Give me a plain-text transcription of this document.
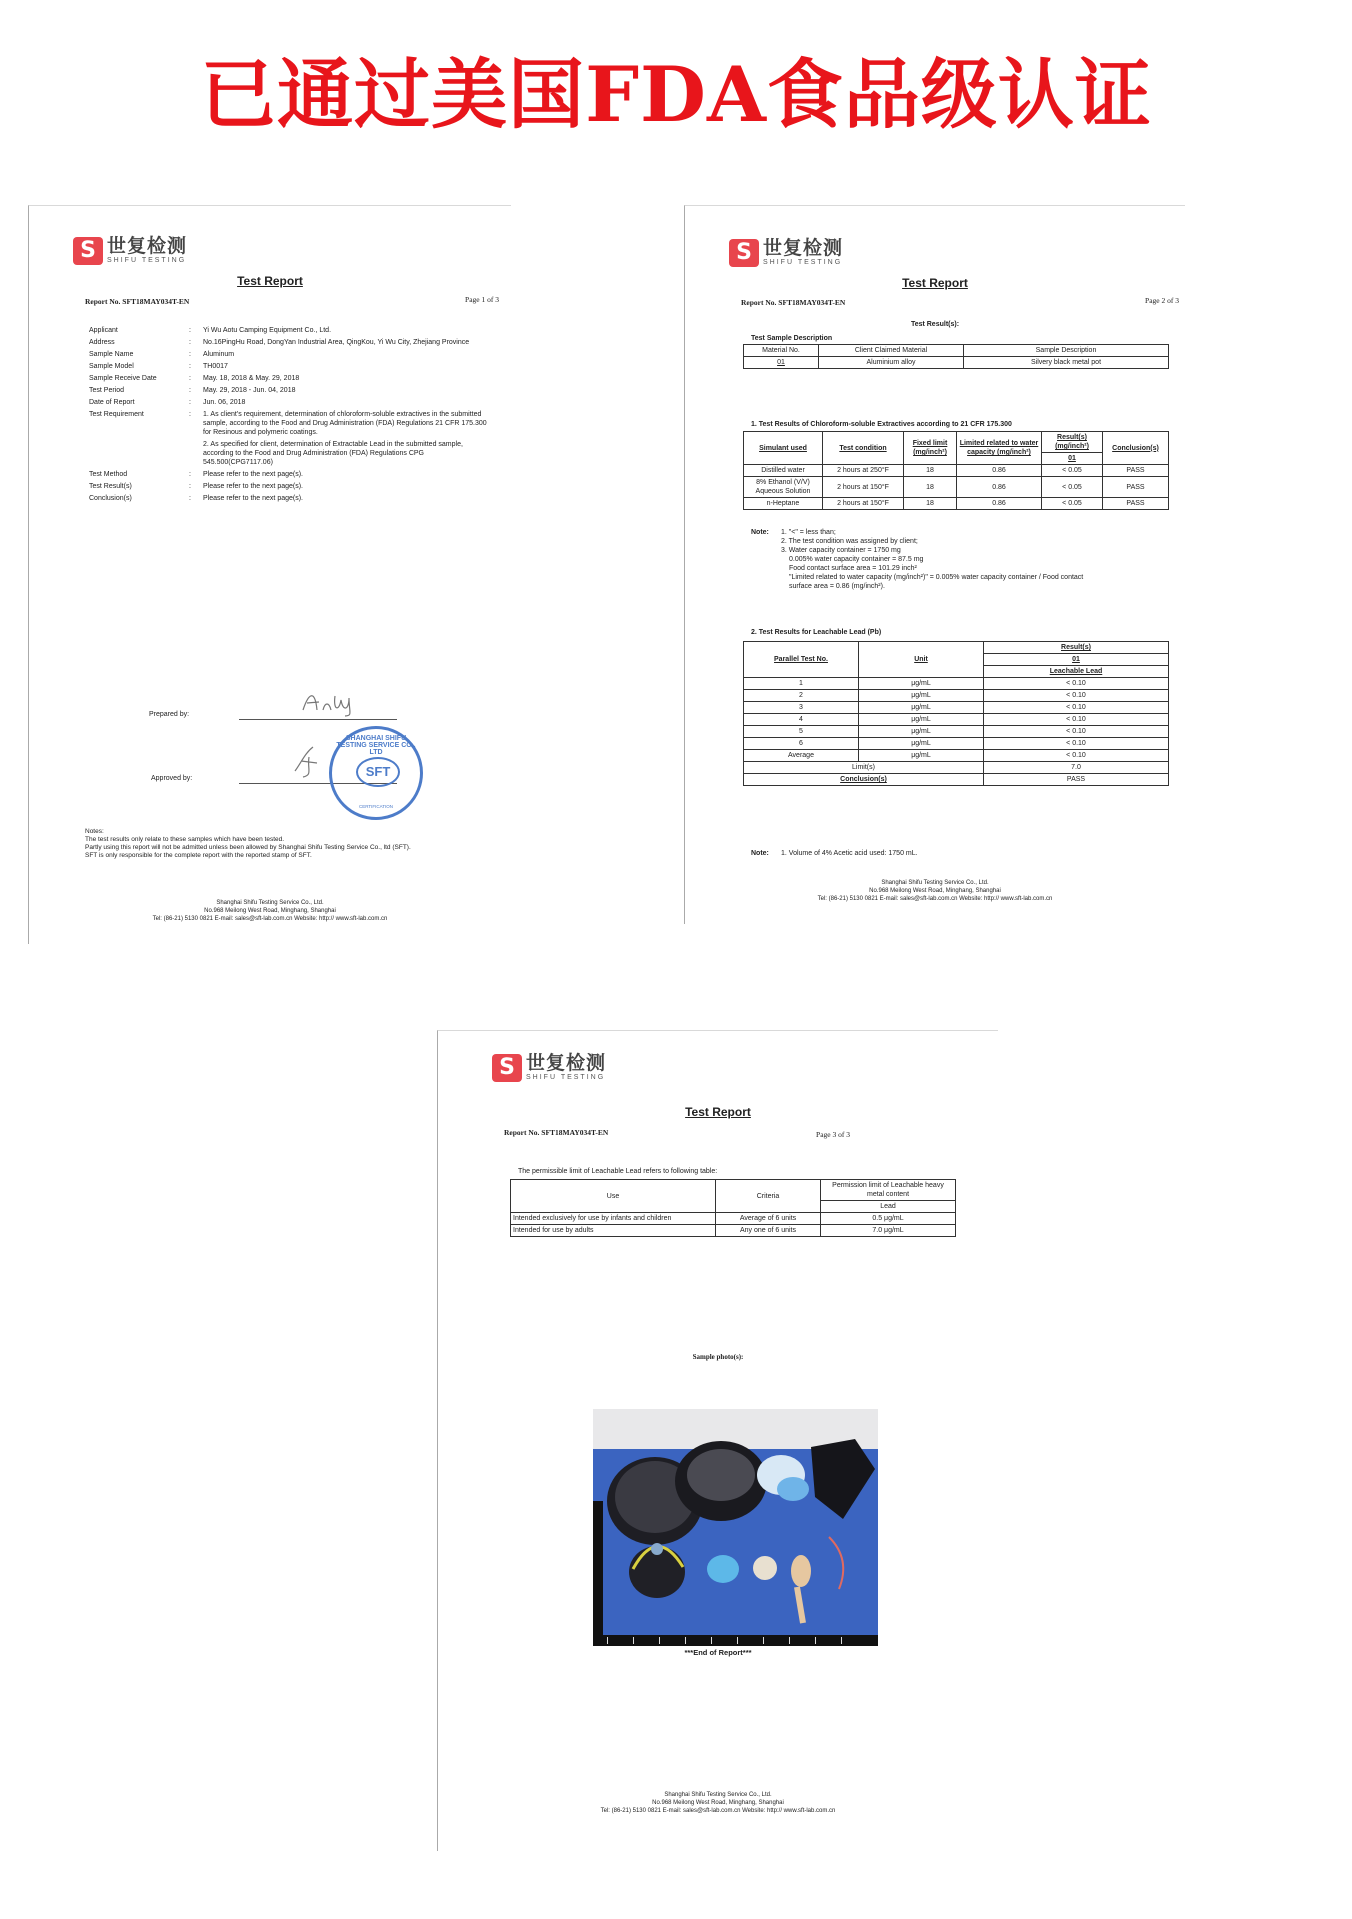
已通过美国FDA食品级认证
S 世复检测
SHIFU TESTING
Test Report
Report No. SFT18MAY034T-EN	Page 1 of 3
Applicant	:	Yi Wu Aotu Camping Equipment Co., Ltd.
Address	:	No.16PingHu Road, DongYan Industrial Area, QingKou, Yi Wu City, Zhejiang Province
Sample Name	:	Aluminum
Sample Model	:	TH0017
Sample Receive Date	:	May. 18, 2018 & May. 29, 2018
Test Period	:	May. 29, 2018 - Jun. 04, 2018
Date of Report	:	Jun. 06, 2018
Test Requirement	:	1. As client's requirement, determination of chloroform-soluble extractives in the submitted sample, according to the Food and Drug Administration (FDA) Regulations 21 CFR 175.300 for Resinous and polymeric coatings.
		2. As specified for client, determination of Extractable Lead in the submitted sample, according to the Food and Drug Administration (FDA) Regulations CPG 545.500(CPG7117.06)
Test Method	:	Please refer to the next page(s).
Test Result(s)	:	Please refer to the next page(s).
Conclusion(s)	:	Please refer to the next page(s).
Prepared by:
Approved by:
SHANGHAI SHIFU TESTING SERVICE CO., LTD
SFT
CERTIFICATION
Notes:
The test results only relate to these samples which have been tested.
Partly using this report will not be admitted unless been allowed by Shanghai Shifu Testing Service Co., ltd (SFT).
SFT is only responsible for the complete report with the reported stamp of SFT.
Shanghai Shifu Testing Service Co., Ltd.
No.968 Meilong West Road, Minghang, Shanghai
Tel: (86-21) 5130 0821 E-mail: sales@sft-lab.com.cn Website: http:// www.sft-lab.com.cn
S 世复检测
SHIFU TESTING
Test Report
Report No. SFT18MAY034T-EN	Page 2 of 3
Test Result(s):
Test Sample Description
Material No.	Client Claimed Material	Sample Description
01	Aluminium alloy	Silvery black metal pot
1. Test Results of Chloroform-soluble Extractives according to 21 CFR 175.300
Simulant used	Test condition	Fixed limit (mg/inch²)	Limited related to water capacity (mg/inch²)	Result(s) (mg/inch²)	Conclusion(s)
				01	
Distilled water	2 hours at 250°F	18	0.86	< 0.05	PASS
8% Ethanol (V/V) Aqueous Solution	2 hours at 150°F	18	0.86	< 0.05	PASS
n-Heptane	2 hours at 150°F	18	0.86	< 0.05	PASS
Note:	1. "<" = less than;
2. The test condition was assigned by client;
3. Water capacity container = 1750 mg
0.005% water capacity container = 87.5 mg
Food contact surface area = 101.29 inch²
"Limited related to water capacity (mg/inch²)" = 0.005% water capacity container / Food contact
surface area = 0.86 (mg/inch²).
2. Test Results for Leachable Lead (Pb)
Parallel Test No.	Unit	Result(s)
		01
		Leachable Lead
1	μg/mL	< 0.10
2	μg/mL	< 0.10
3	μg/mL	< 0.10
4	μg/mL	< 0.10
5	μg/mL	< 0.10
6	μg/mL	< 0.10
Average	μg/mL	< 0.10
Limit(s)		7.0
Conclusion(s)		PASS
Note: 1. Volume of 4% Acetic acid used: 1750 mL.
Shanghai Shifu Testing Service Co., Ltd.
No.968 Meilong West Road, Minghang, Shanghai
Tel: (86-21) 5130 0821 E-mail: sales@sft-lab.com.cn Website: http:// www.sft-lab.com.cn
S 世复检测
SHIFU TESTING
Test Report
Report No. SFT18MAY034T-EN	Page 3 of 3
The permissible limit of Leachable Lead refers to following table:
Use	Criteria	Permission limit of Leachable heavy metal content
		Lead
Intended exclusively for use by infants and children	Average of 6 units	0.5 μg/mL
Intended for use by adults	Any one of 6 units	7.0 μg/mL
Sample photo(s):
***End of Report***
Shanghai Shifu Testing Service Co., Ltd.
No.968 Meilong West Road, Minghang, Shanghai
Tel: (86-21) 5130 0821 E-mail: sales@sft-lab.com.cn Website: http:// www.sft-lab.com.cn
